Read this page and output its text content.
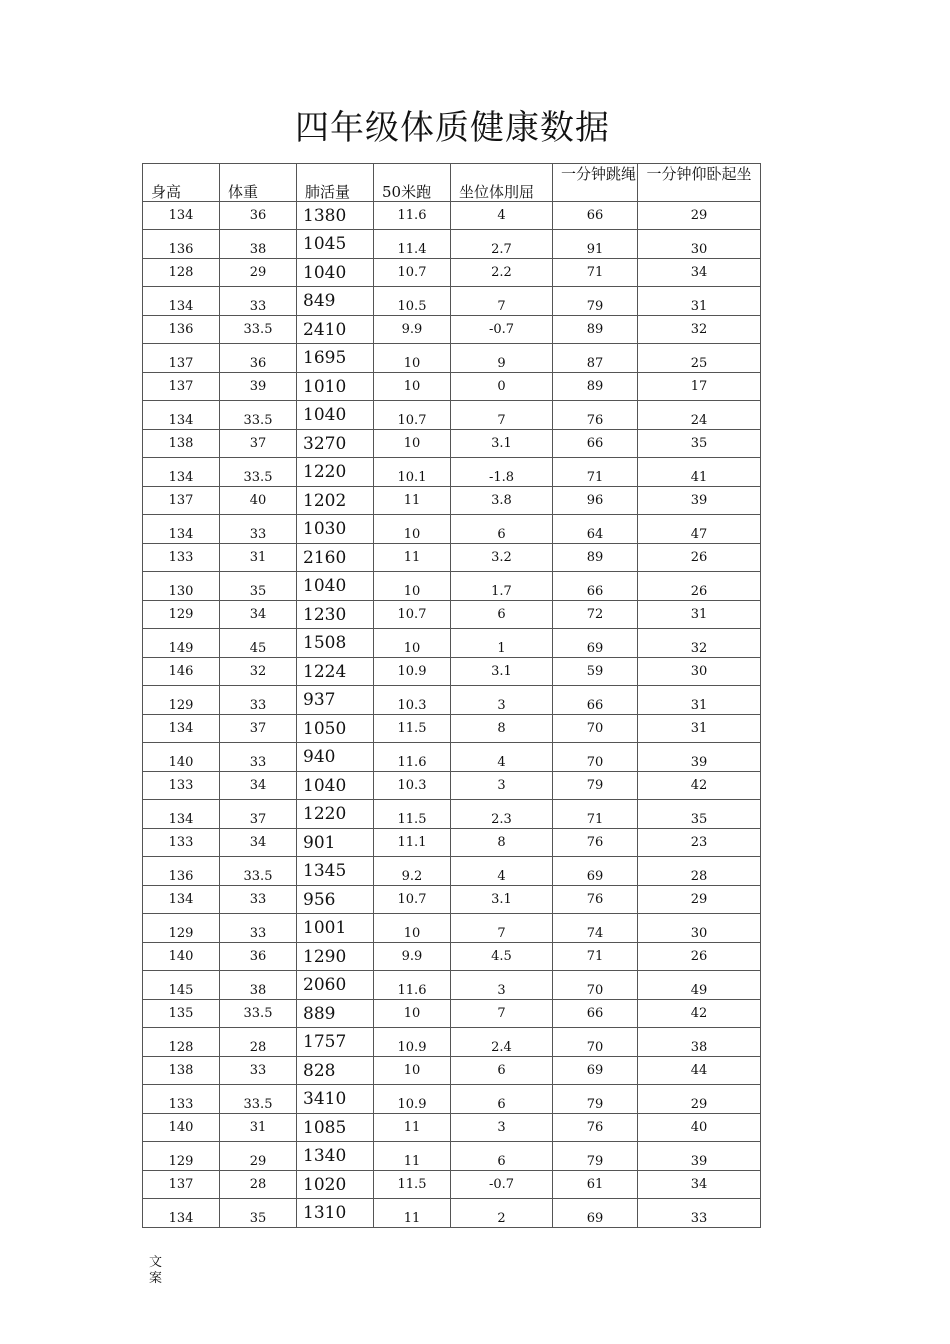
四年级体质健康数据
身高	体重	肺活量	50米跑	坐位体刖屈	一分钟跳绳	一分钟仰卧起坐
134	36	1380	11.6	4	66	29
136	38	1045	11.4	2.7	91	30
128	29	1040	10.7	2.2	71	34
134	33	849	10.5	7	79	31
136	33.5	2410	9.9	-0.7	89	32
137	36	1695	10	9	87	25
137	39	1010	10	0	89	17
134	33.5	1040	10.7	7	76	24
138	37	3270	10	3.1	66	35
134	33.5	1220	10.1	-1.8	71	41
137	40	1202	11	3.8	96	39
134	33	1030	10	6	64	47
133	31	2160	11	3.2	89	26
130	35	1040	10	1.7	66	26
129	34	1230	10.7	6	72	31
149	45	1508	10	1	69	32
146	32	1224	10.9	3.1	59	30
129	33	937	10.3	3	66	31
134	37	1050	11.5	8	70	31
140	33	940	11.6	4	70	39
133	34	1040	10.3	3	79	42
134	37	1220	11.5	2.3	71	35
133	34	901	11.1	8	76	23
136	33.5	1345	9.2	4	69	28
134	33	956	10.7	3.1	76	29
129	33	1001	10	7	74	30
140	36	1290	9.9	4.5	71	26
145	38	2060	11.6	3	70	49
135	33.5	889	10	7	66	42
128	28	1757	10.9	2.4	70	38
138	33	828	10	6	69	44
133	33.5	3410	10.9	6	79	29
140	31	1085	11	3	76	40
129	29	1340	11	6	79	39
137	28	1020	11.5	-0.7	61	34
134	35	1310	11	2	69	33
文
案
